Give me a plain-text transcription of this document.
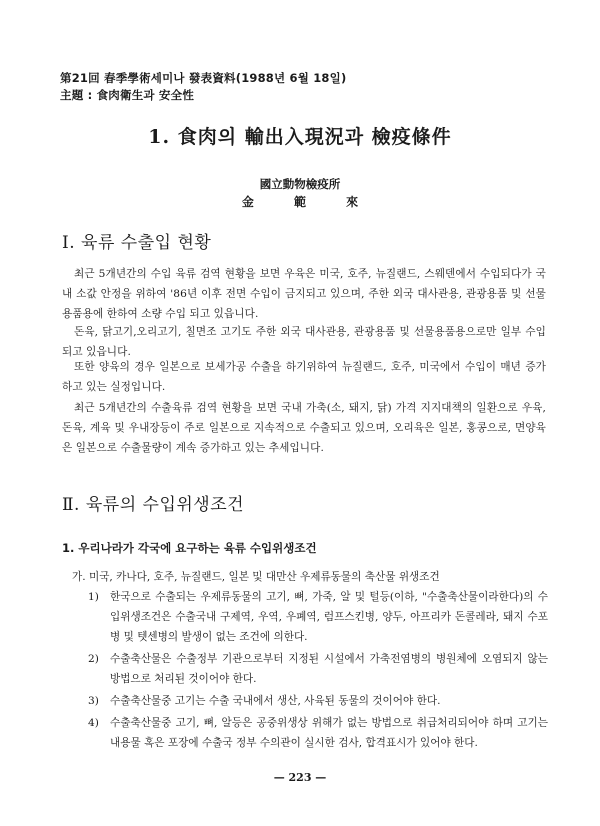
第21回 春季學術세미나 發表資料(1988년 6월 18일)
主題 : 食肉衛生과 安全性
1. 食肉의 輸出入現況과 檢疫條件
國立動物檢疫所
金 範 來
Ⅰ. 육류 수출입 현황

최근 5개년간의 수입 육류 검역 현황을 보면 우육은 미국, 호주, 뉴질랜드, 스웨덴에서 수입되다가 국내 소값 안정을 위하여 '86년 이후 전면 수입이 금지되고 있으며, 주한 외국 대사관용, 관광용품 및 선물용품용에 한하여 소량 수입 되고 있읍니다.

돈육, 닭고기,오리고기, 칠면조 고기도 주한 외국 대사관용, 관광용품 및 선물용품용으로만 일부 수입되고 있읍니다.

또한 양육의 경우 일본으로 보세가공 수출을 하기위하여 뉴질랜드, 호주, 미국에서 수입이 매년 증가하고 있는 실정입니다.

최근 5개년간의 수출육류 검역 현황을 보면 국내 가축(소, 돼지, 닭) 가격 지지대책의 일환으로 우육,돈육, 계육 및 우내장등이 주로 일본으로 지속적으로 수출되고 있으며, 오리육은 일본, 홍콩으로, 면양육은 일본으로 수출물량이 계속 증가하고 있는 추세입니다.

Ⅱ. 육류의 수입위생조건
1. 우리나라가 각국에 요구하는 육류 수입위생조건
가. 미국, 카나다, 호주, 뉴질랜드, 일본 및 대만산 우제류동물의 축산물 위생조건
1) 한국으로 수출되는 우제류동물의 고기, 뼈, 가죽, 알 및 털등(이하, "수출축산물이라한다)의 수입위생조건은 수출국내 구제역, 우역, 우폐역, 럼프스킨병, 양두, 아프리카 돈콜레라, 돼지 수포병 및 텟센병의 발생이 없는 조건에 의한다.
2) 수출축산물은 수출정부 기관으로부터 지정된 시설에서 가축전염병의 병원체에 오염되지 않는 방법으로 처리된 것이어야 한다.
3) 수출축산물중 고기는 수출 국내에서 생산, 사육된 동물의 것이어야 한다.
4) 수출축산물중 고기, 뼈, 알등은 공중위생상 위해가 없는 방법으로 취급처리되어야 하며 고기는 내용물 혹은 포장에 수출국 정부 수의관이 실시한 검사, 합격표시가 있어야 한다.
— 223 —
